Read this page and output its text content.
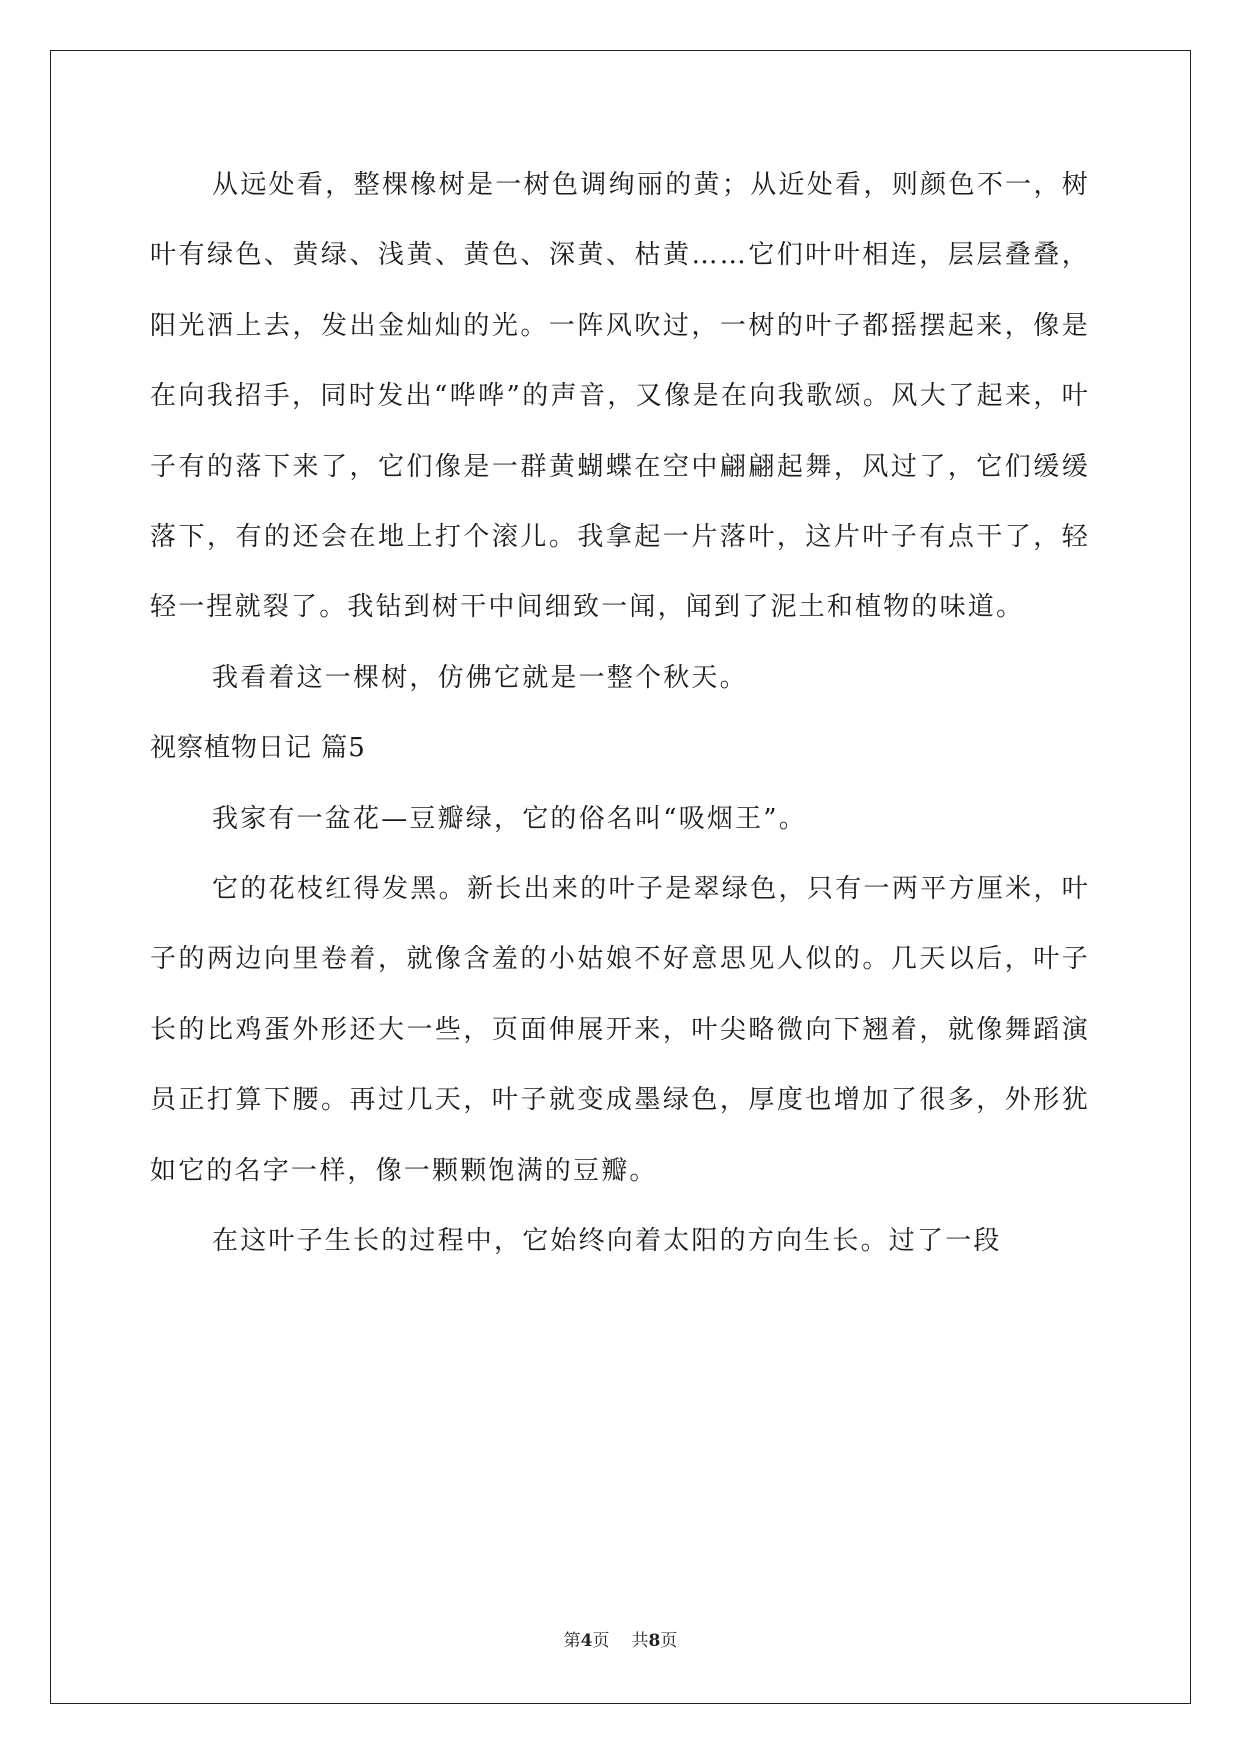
从远处看，整棵橡树是一树色调绚丽的黄；从近处看，则颜色不一，树叶有绿色、黄绿、浅黄、黄色、深黄、枯黄……它们叶叶相连，层层叠叠，阳光洒上去，发出金灿灿的光。一阵风吹过，一树的叶子都摇摆起来，像是在向我招手，同时发出“哗哗”的声音，又像是在向我歌颂。风大了起来，叶子有的落下来了，它们像是一群黄蝴蝶在空中翩翩起舞，风过了，它们缓缓落下，有的还会在地上打个滚儿。我拿起一片落叶，这片叶子有点干了，轻轻一捏就裂了。我钻到树干中间细致一闻，闻到了泥土和植物的味道。

我看着这一棵树，仿佛它就是一整个秋天。

视察植物日记 篇5

我家有一盆花—豆瓣绿，它的俗名叫“吸烟王”。

它的花枝红得发黑。新长出来的叶子是翠绿色，只有一两平方厘米，叶子的两边向里卷着，就像含羞的小姑娘不好意思见人似的。几天以后，叶子长的比鸡蛋外形还大一些，页面伸展开来，叶尖略微向下翘着，就像舞蹈演员正打算下腰。再过几天，叶子就变成墨绿色，厚度也增加了很多，外形犹如它的名字一样，像一颗颗饱满的豆瓣。

在这叶子生长的过程中，它始终向着太阳的方向生长。过了一段

第4页 共8页
